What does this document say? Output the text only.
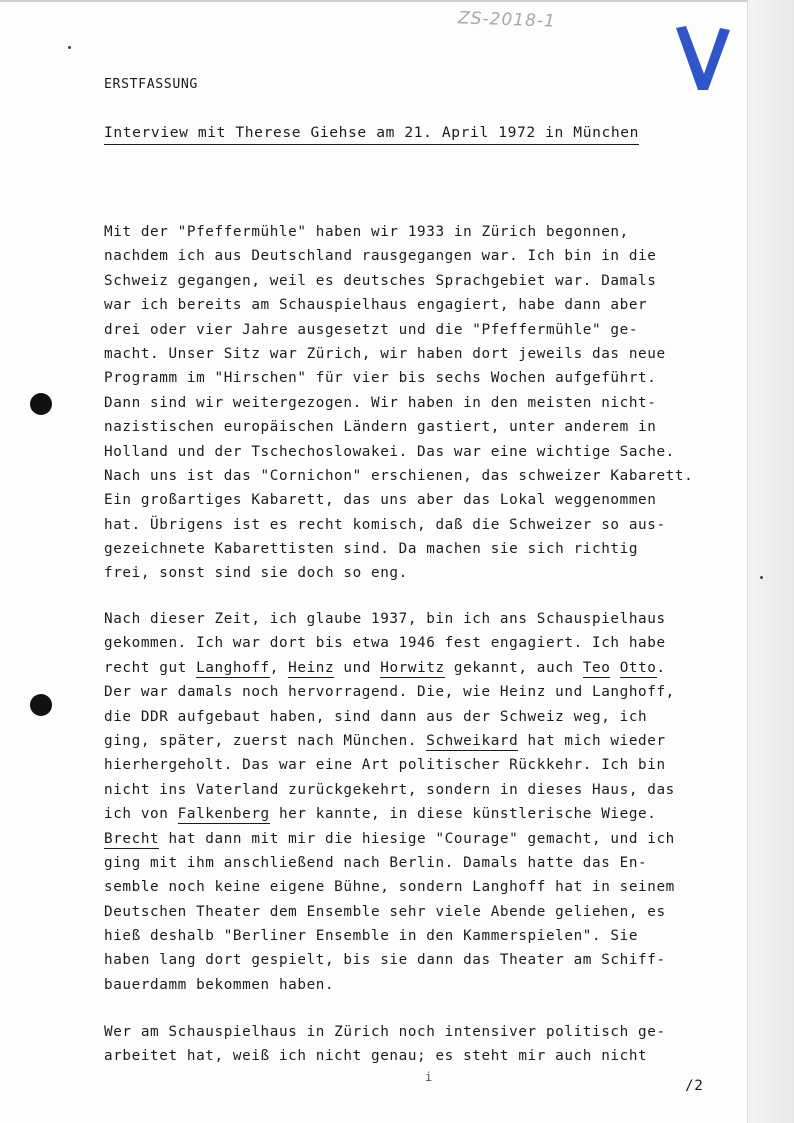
ZS-2018-1
ERSTFASSUNG
Interview mit Therese Giehse am 21. April 1972 in München
Mit der "Pfeffermühle" haben wir 1933 in Zürich begonnen,
nachdem ich aus Deutschland rausgegangen war. Ich bin in die
Schweiz gegangen, weil es deutsches Sprachgebiet war. Damals
war ich bereits am Schauspielhaus engagiert, habe dann aber
drei oder vier Jahre ausgesetzt und die "Pfeffermühle" ge-
macht. Unser Sitz war Zürich, wir haben dort jeweils das neue
Programm im "Hirschen" für vier bis sechs Wochen aufgeführt.
Dann sind wir weitergezogen. Wir haben in den meisten nicht-
nazistischen europäischen Ländern gastiert, unter anderem in
Holland und der Tschechoslowakei. Das war eine wichtige Sache.
Nach uns ist das "Cornichon" erschienen, das schweizer Kabarett.
Ein großartiges Kabarett, das uns aber das Lokal weggenommen
hat. Übrigens ist es recht komisch, daß die Schweizer so aus-
gezeichnete Kabarettisten sind. Da machen sie sich richtig
frei, sonst sind sie doch so eng.
Nach dieser Zeit, ich glaube 1937, bin ich ans Schauspielhaus
gekommen. Ich war dort bis etwa 1946 fest engagiert. Ich habe
recht gut Langhoff, Heinz und Horwitz gekannt, auch Teo Otto.
Der war damals noch hervorragend. Die, wie Heinz und Langhoff,
die DDR aufgebaut haben, sind dann aus der Schweiz weg, ich
ging, später, zuerst nach München. Schweikard hat mich wieder
hierhergeholt. Das war eine Art politischer Rückkehr. Ich bin
nicht ins Vaterland zurückgekehrt, sondern in dieses Haus, das
ich von Falkenberg her kannte, in diese künstlerische Wiege.
Brecht hat dann mit mir die hiesige "Courage" gemacht, und ich
ging mit ihm anschließend nach Berlin. Damals hatte das En-
semble noch keine eigene Bühne, sondern Langhoff hat in seinem
Deutschen Theater dem Ensemble sehr viele Abende geliehen, es
hieß deshalb "Berliner Ensemble in den Kammerspielen". Sie
haben lang dort gespielt, bis sie dann das Theater am Schiff-
bauerdamm bekommen haben.
Wer am Schauspielhaus in Zürich noch intensiver politisch ge-
arbeitet hat, weiß ich nicht genau; es steht mir auch nicht
i
/2
